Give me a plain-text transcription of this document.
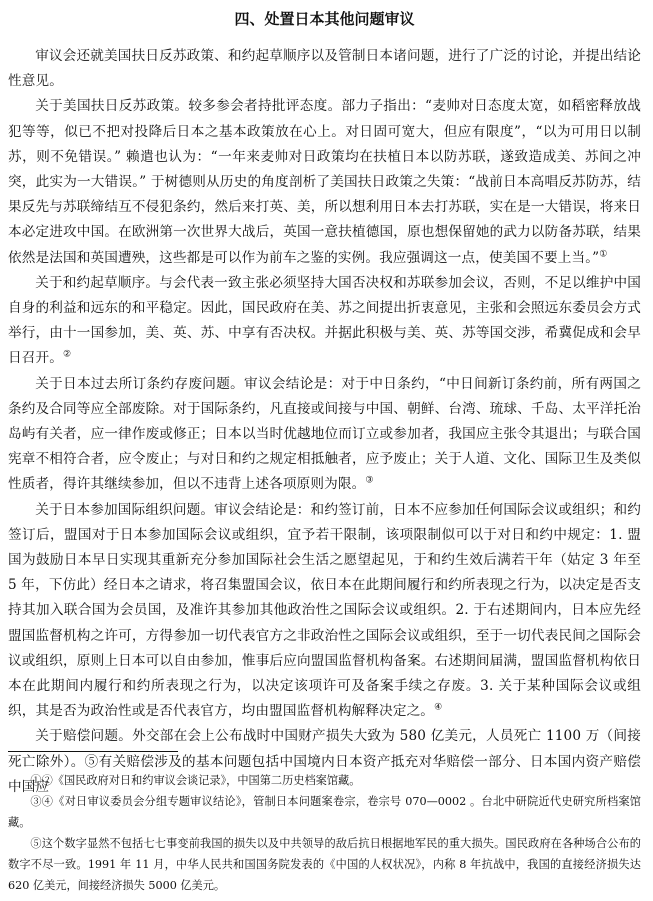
四、处置日本其他问题审议

审议会还就美国扶日反苏政策、和约起草顺序以及管制日本诸问题，进行了广泛的讨论，并提出结论性意见。

关于美国扶日反苏政策。较多参会者持批评态度。部力子指出：“麦帅对日态度太宽，如稻密释放战犯等等，似已不把对投降后日本之基本政策放在心上。对日固可宽大，但应有限度”，“以为可用日以制苏，则不免错误。” 赖遣也认为：“一年来麦帅对日政策均在扶植日本以防苏联，遂致造成美、苏间之冲突，此实为一大错误。” 于树德则从历史的角度剖析了美国扶日政策之失策：“战前日本高唱反苏防苏，结果反先与苏联缔结互不侵犯条约，然后来打英、美，所以想利用日本去打苏联，实在是一大错误，将来日本必定进攻中国。在欧洲第一次世界大战后，英国一意扶植德国，原也想保留她的武力以防备苏联，结果依然是法国和英国遭殃，这些都是可以作为前车之鉴的实例。我应强调这一点，使美国不要上当。”①

关于和约起草顺序。与会代表一致主张必须坚持大国否决权和苏联参加会议，否则，不足以维护中国自身的利益和远东的和平稳定。因此，国民政府在美、苏之间提出折衷意见，主张和会照远东委员会方式举行，由十一国参加，美、英、苏、中享有否决权。并据此积极与美、英、苏等国交涉，希冀促成和会早日召开。②

关于日本过去所订条约存废问题。审议会结论是：对于中日条约，“中日间新订条约前，所有两国之条约及合同等应全部废除。对于国际条约，凡直接或间接与中国、朝鲜、台湾、琉球、千岛、太平洋托治岛屿有关者，应一律作废或修正；日本以当时优越地位而订立或参加者，我国应主张令其退出；与联合国宪章不相符合者，应令废止；与对日和约之规定相抵触者，应予废止；关于人道、文化、国际卫生及类似性质者，得许其继续参加，但以不违背上述各项原则为限。③

关于日本参加国际组织问题。审议会结论是：和约签订前，日本不应参加任何国际会议或组织；和约签订后，盟国对于日本参加国际会议或组织，宜予若干限制，该项限制似可以于对日和约中规定：1. 盟国为鼓励日本早日实现其重新充分参加国际社会生活之愿望起见，于和约生效后满若干年（姑定 3 年至 5 年，下仿此）经日本之请求，将召集盟国会议，依日本在此期间履行和约所表现之行为，以决定是否支持其加入联合国为会员国，及准许其参加其他政治性之国际会议或组织。2. 于右述期间内，日本应先经盟国监督机构之许可，方得参加一切代表官方之非政治性之国际会议或组织，至于一切代表民间之国际会议或组织，原则上日本可以自由参加，惟事后应向盟国监督机构备案。右述期间届满，盟国监督机构依日本在此期间内履行和约所表现之行为，以决定该项许可及备案手续之存废。3. 关于某种国际会议或组织，其是否为政治性或是否代表官方，均由盟国监督机构解释决定之。④

关于赔偿问题。外交部在会上公布战时中国财产损失大致为 580 亿美元，人员死亡 1100 万（间接死亡除外）。⑤有关赔偿涉及的基本问题包括中国境内日本资产抵充对华赔偿一部分、日本国内资产赔偿中国应

①②《国民政府对日和约审议会谈记录》，中国第二历史档案馆藏。

③④《对日审议委员会分组专题审议结论》，管制日本问题案卷宗，卷宗号 070—0002 。台北中研院近代史研究所档案馆藏。

⑤这个数字显然不包括七七事变前我国的损失以及中共领导的敌后抗日根据地军民的重大损失。国民政府在各种场合公布的数字不尽一致。1991 年 11 月，中华人民共和国国务院发表的《中国的人权状况》，内称 8 年抗战中，我国的直接经济损失达 620 亿美元，间接经济损失 5000 亿美元。
